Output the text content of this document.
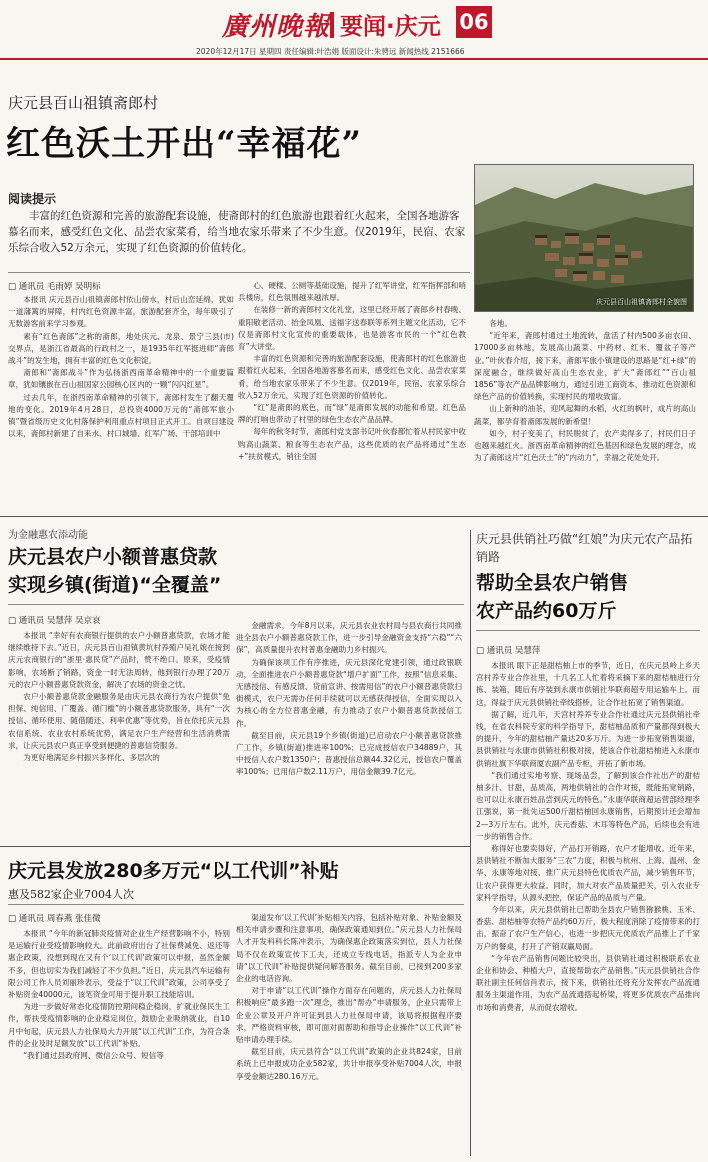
廣州晚報 要闻·庆元 06
2020年12月17日 星期四 责任编辑:叶浩娟 版面设计:朱骋远 新闻热线 2151666
庆元县百山祖镇斋郎村
红色沃土开出“幸福花”
阅读提示
丰富的红色资源和完善的旅游配套设施，使斋郎村的红色旅游也跟着红火起来，全国各地游客慕名而来，感受红色文化、品尝农家菜肴，给当地农家乐带来了不少生意。仅2019年，民宿、农家乐综合收入52万余元，实现了红色资源的价值转化。
庆元县百山祖镇斋郎村全貌图
□ 通讯员 毛雨婷 吴明标

本报讯 庆元县百山祖镇斋郎村依山傍水，村后山峦延绵，犹如一道藩篱的屏障，村内红色资源丰富，旅游配套齐全，每年吸引了无数游客前来学习参观。

素有“红色斋郎”之称的斋郎，地处庆元、龙泉、景宁三县(市)交界点，是浙江省最高的行政村之一，是1935年红军挺进师“斋郎战斗”的发生地，拥有丰富的红色文化积淀。

斋郎和“斋郎战斗”作为弘扬浙西南革命精神中的一个重要篇章，犹如镶嵌在百山祖国家公园核心区内的一颗“闪闪红星”。

过去几年，在浙西南革命精神的引领下，斋郎村发生了翻天覆地的变化。2019年4月28日，总投资4000万元的“斋郎军旅小镇”暨省级历史文化村落保护利用重点村项目正式开工。自项目建设以来，斋郎村新建了自来水、村口城墙、红军广场、干部培训中

心、硬楼、公厕等基础设施，提升了红军讲堂，红军指挥部和哨兵楼房，红色氛围越来越浓厚。

在装修一新的斋郎村文化礼堂，这里已经开展了斋郎乡村春晚、重阳敬老活动、抬金凤凰、送福字送春联等系列主题文化活动，它不仅是斋郎村文化宣传的重要载体，也是游客市民的一个“红色教育”大讲堂。

丰富的红色资源和完善的旅游配套设施，使斋郎村的红色旅游也跟着红火起来，全国各地游客慕名而来，感受红色文化、品尝农家菜肴，给当地农家乐带来了不少生意。仅2019年，民宿、农家乐综合收入52万余元，实现了红色资源的价值转化。

“红”是斋郎的底色，而“绿”是斋郎发展的动能和希望。红色品牌的打响也带动了村里的绿色生态农产品品牌。

每年的秋冬时节，斋郎村党支部书记叶伙春都忙着从村民家中收购高山蔬菜、粮食等生态农产品，这些优质的农产品将通过“生态+”扶贫模式，销往全国

各地。

“近年来，斋郎村通过土地流转，盘活了村内500多亩农田、17000多亩林地，发展高山蔬菜、中药材、红米、覆盆子等产业。”叶伙春介绍，接下来，斋郎军旅小镇建设的思路是“红+绿”的深度融合，继续做好高山生态农业，扩大“斋郎红”“百山祖1856”等农产品品牌影响力，通过引进工商资本，推动红色资源和绿色产品的价值转换，实现村民的增收致富。

山上新种的油茶，迎风起舞的水稻，火红的枫叶，成片的高山蔬菜，都孕育着斋郎发展的新希望！

如今，村子变美了，村民脱贫了，农产卖得多了，村民们日子也越来越红火。浙西南革命精神的红色基因和绿色发展的理念，成为了斋郎这片“红色沃土”的“内动力”，幸福之花处处开。

为金融惠农添动能
庆元县农户小额普惠贷款
实现乡镇(街道)“全覆盖”
□ 通讯员 吴慧萍 吴京哀

本报讯 “幸好有农商银行提供的农户小额普惠贷款，农场才能继续维持下去。”近日，庆元县百山祖镇黄坑村养殖户吴礼娘在接到庆元农商银行的“浙里·惠民贷”产品时，赞不绝口。原来，受疫情影响，农场断了销路，资金一时无法周转，他到银行办理了20万元的农户小额普惠贷款资金，解决了农场的资金之忧。

农户小额普惠贷款金融服务是由庆元县农商行为农户提供“免担保、纯信用、广覆盖、循门槛”的小额普惠贷款服务，具有“一次授信、循环使用、随借随还、利率优惠”等优势，旨在依托庆元县农信系统、农业农村系统优势，满足农户生产经营和生活消费需求，让庆元县农户真正享受到便捷的普惠信贷服务。

为更好地满足乡村振兴多样化、多层次的

金融需求，今年8月以来，庆元县农业农村局与县农商行共同推进全县农户小额普惠贷款工作，进一步引导金融资金支持“六稳”“六保”，高质量提升农村普惠金融助力乡村振兴。

为确保该项工作有序推进，庆元县深化党建引领，通过政银联动，全面推进农户小额普惠贷款“增户扩面”工作，按照“信息采集、无感授信、有感反馈、贷前宣讲、按需用信”的农户小额普惠贷款扫街模式，农户无需办任何手续就可以无感获得授信，全面实现以入为核心的全方位普惠金融，有力推动了农户小额普惠贷款授信工作。

截至目前，庆元县19个乡镇(街道)已启动农户小额普惠贷款推广工作，乡镇(街道)推进率100%；已完成授信农户34889户，其中授信人农户数1350户；普惠授信总额44.32亿元，授信农户覆盖率100%；已用信户数2.11万户，用信金额39.7亿元。

庆元县供销社巧做“红娘”为庆元农产品拓销路
帮助全县农户销售
农产品约60万斤
□ 通讯员 吴慧萍

本报讯 眼下正是甜桔柚上市的季节，近日，在庆元县岭上乡天宫村养专业合作社里，十几名工人忙着将采摘下来的甜桔柚进行分拣、装箱，随后有序装到永康市供销社华联商超专用运输车上。而这，得益于庆元县供销社牵线搭桥，让合作社拓宽了销售渠道。

据了解，近几年，天宫村养养专业合作社通过庆元县供销社牵线，在省农科院专家的科学指导下，甜桔柚品质和产量都得到极大的提升，今年的甜桔柚产量达20多万斤。为进一步拓宽销售渠道，县供销社与永康市供销社积极对接，使该合作社甜桔柚进入永康市供销社旗下华联商厦农副产品专柜，开拓了新市场。

“我们通过实地考察、现场品尝，了解到该合作社出产的甜桔柚多汁、甘甜，品质高，两地供销社的合作对接，既能拓宽销路，也可以让永康百姓品尝到庆元的特色。”永康华联商超运营部经理李江强说，第一批先运500斤甜桔柚回永康销售，后期预计还会增加2—3万斤左右。此外，庆元香菇、木耳等特色产品，后续也会有进一步的销售合作。

称得好也要卖得好，产品打开销路，农户才能增收。近年来，县供销社不断加大服务“三农”力度，积极与杭州、上海、温州、金华、永康等地对接，推广庆元县特色优质农产品，减少销售环节，让农户获得更大收益。同时，加大对农产品质量把关，引入农业专家科学指导，从源头把控，保证产品的品质与产量。

今年以来，庆元县供销社已帮助全县农户销售猕猴桃、玉米、香菇、甜桔柚等农特产品约60万斤，极大程度消除了疫情带来的打击，振奋了农户生产信心，也进一步把庆元优质农产品推上了千家万户的餐桌，打开了产销双赢局面。

“今年农产品销售问题比较突出，县供销社通过积极联系农业企业和协会、种植大户，直接帮助农产品销售。”庆元县供销社合作联社副主任何信肖表示，接下来，供销社还将充分发挥农产品流通服务主渠道作用，为农产品流通搭起桥梁，将更多优质农产品推向市场和消费者，从而促农增收。

庆元县发放280多万元“以工代训”补贴
惠及582家企业7004人次
□ 通讯员 周春燕 张佳微

本报讯 “今年的新冠肺炎疫情对企业生产经营影响不小，特别是运输行业受疫情影响较大。此前政府出台了社保费减免、返还等惠企政策，没想到现在又有个‘以工代训’政策可以申报，虽然金额不多，但也切实为我们减轻了不少负担。”近日，庆元县汽车运输有限公司工作人员刘丽珍表示，受益于“以工代训”政策，公司享受了补贴资金40000元，该笔资金可用于提升职工技能培训。

为进一步做好常态化疫情防控期间稳企稳岗，扩就业保民生工作，帮扶受疫情影响的企业稳定岗位，鼓励企业吸纳就业，自10月中旬起，庆元县人力社保局大力开展“以工代训”工作，为符合条件的企业及时足额发放“以工代训”补贴。

“我们通过县政府网、微信公众号、短信等

渠道发布‘以工代训’补贴相关内容，包括补贴对象、补贴金额及相关申请步骤和注意事项，确保政策通知到位。”庆元县人力社保局人才开发科科长陈冲表示，为确保惠企政策落实到位，县人力社保局不仅在政策宣传下工夫，还成立专线电话，指派专人为企业申请“以工代训”补贴提供疑问解答服务。截至目前，已接到200多家企业的电话咨询。

对于申请“以工代训”操作方面存在问题的，庆元县人力社保局积极响应“最多跑一次”理念，推出“帮办”申请服务，企业只需带上企业公章及开户许可证到县人力社保局申请，该局将根据程序要求，严格资料审核，即可面对面帮助和指导企业操作“以工代训”补贴申请办理手续。

截至目前，庆元县符合“以工代训”政策的企业共824家，目前系统上已申报成功企业582家，共计申报享受补贴7004人次，申报享受金额达280.16万元。
